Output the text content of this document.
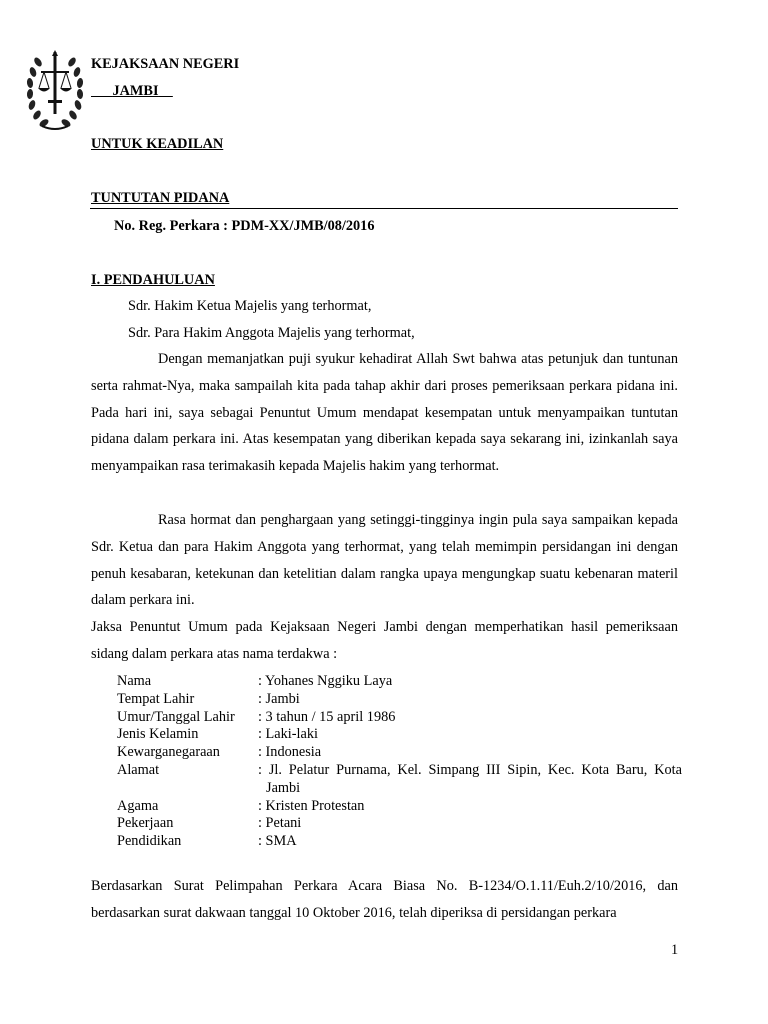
KEJAKSAAN NEGERI
JAMBI
UNTUK KEADILAN
TUNTUTAN PIDANA
No. Reg. Perkara : PDM-XX/JMB/08/2016
I. PENDAHULUAN
Sdr. Hakim Ketua Majelis yang terhormat,
Sdr. Para Hakim Anggota Majelis yang terhormat,
Dengan memanjatkan puji syukur kehadirat Allah Swt bahwa atas petunjuk dan tuntunan serta rahmat-Nya, maka sampailah kita pada tahap akhir dari proses pemeriksaan perkara pidana ini. Pada hari ini, saya sebagai Penuntut Umum mendapat kesempatan untuk menyampaikan tuntutan pidana dalam perkara ini. Atas kesempatan yang diberikan kepada saya sekarang ini, izinkanlah saya menyampaikan rasa terimakasih kepada Majelis hakim yang terhormat.
Rasa hormat dan penghargaan yang setinggi-tingginya ingin pula saya sampaikan kepada Sdr. Ketua dan para Hakim Anggota yang terhormat, yang telah memimpin persidangan ini dengan penuh kesabaran, ketekunan dan ketelitian dalam rangka upaya mengungkap suatu kebenaran materil dalam perkara ini.
Jaksa Penuntut Umum pada Kejaksaan Negeri Jambi dengan memperhatikan hasil pemeriksaan sidang dalam perkara atas nama terdakwa :
Nama	: Yohanes Nggiku Laya
Tempat Lahir	: Jambi
Umur/Tanggal Lahir	: 3 tahun / 15 april 1986
Jenis Kelamin	: Laki-laki
Kewarganegaraan	: Indonesia
Alamat	: Jl. Pelatur Purnama, Kel. Simpang III Sipin, Kec. Kota Baru, Kota Jambi
Agama	: Kristen Protestan
Pekerjaan	: Petani
Pendidikan	: SMA
Berdasarkan Surat Pelimpahan Perkara Acara Biasa No. B-1234/O.1.11/Euh.2/10/2016, dan berdasarkan surat dakwaan tanggal 10 Oktober 2016, telah diperiksa di persidangan perkara
1
